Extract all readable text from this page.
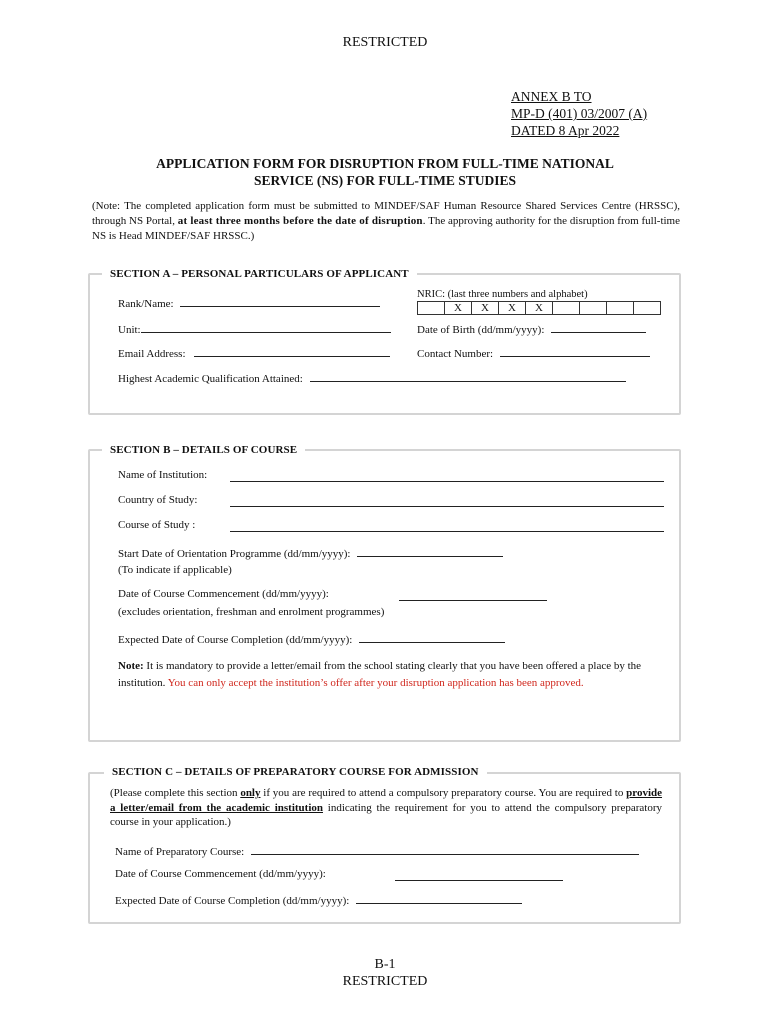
RESTRICTED
ANNEX B TO
MP-D (401) 03/2007 (A)
DATED 8 Apr 2022
APPLICATION FORM FOR DISRUPTION FROM FULL-TIME NATIONAL
SERVICE (NS) FOR FULL-TIME STUDIES
(Note: The completed application form must be submitted to MINDEF/SAF Human Resource Shared Services Centre (HRSSC), through NS Portal, at least three months before the date of disruption. The approving authority for the disruption from full-time NS is Head MINDEF/SAF HRSSC.)
SECTION A – PERSONAL PARTICULARS OF APPLICANT
Rank/Name:
NRIC: (last three numbers and alphabet)
	X	X	X	X				
Unit:	Date of Birth (dd/mm/yyyy):
Email Address:	Contact Number:
Highest Academic Qualification Attained:
SECTION B – DETAILS OF COURSE
Name of Institution:
Country of Study:
Course of Study :
Start Date of Orientation Programme (dd/mm/yyyy):
(To indicate if applicable)
Date of Course Commencement (dd/mm/yyyy):
(excludes orientation, freshman and enrolment programmes)
Expected Date of Course Completion (dd/mm/yyyy):
Note: It is mandatory to provide a letter/email from the school stating clearly that you have been offered a place by the institution. You can only accept the institution’s offer after your disruption application has been approved.
SECTION C – DETAILS OF PREPARATORY COURSE FOR ADMISSION
(Please complete this section only if you are required to attend a compulsory preparatory course. You are required to provide a letter/email from the academic institution indicating the requirement for you to attend the compulsory preparatory course in your application.)
Name of Preparatory Course:
Date of Course Commencement (dd/mm/yyyy):
Expected Date of Course Completion (dd/mm/yyyy):
B-1
RESTRICTED
